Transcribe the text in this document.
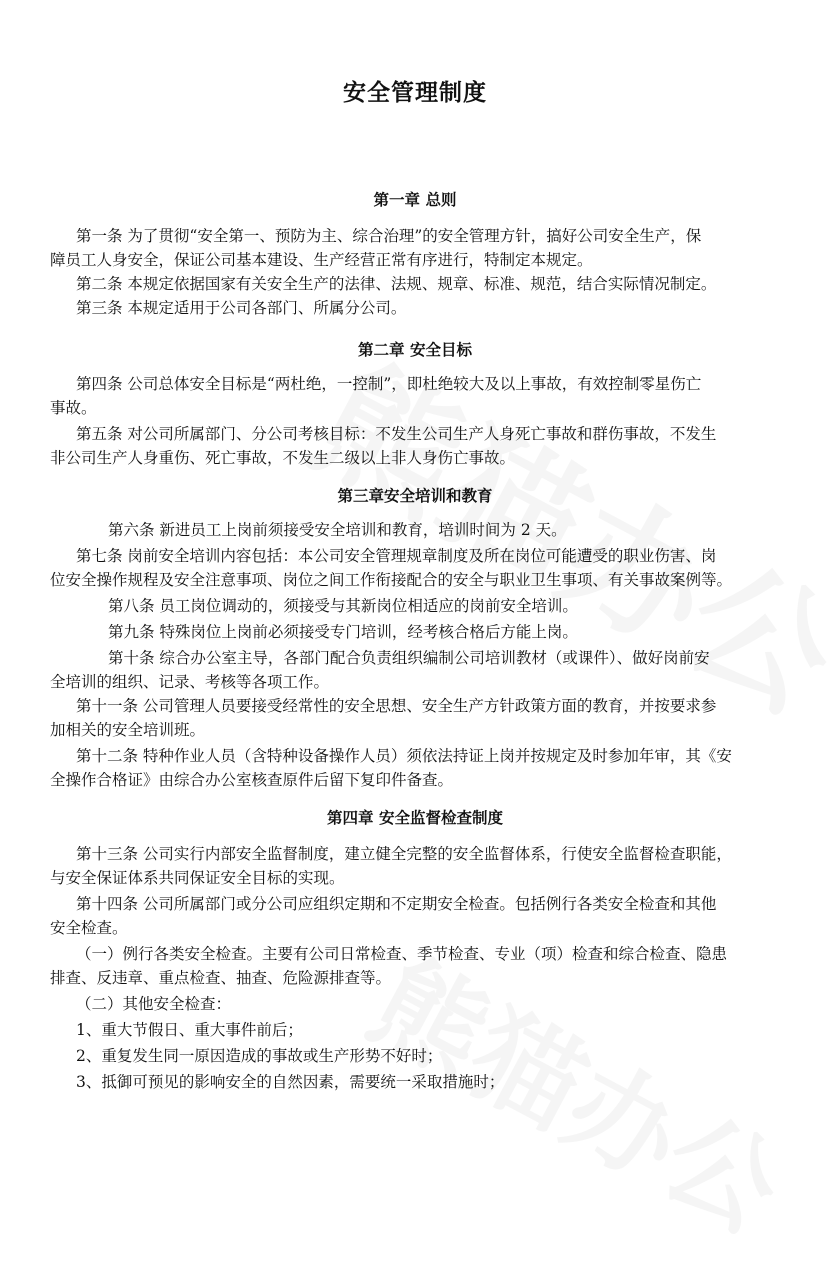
安全管理制度
第一章 总则
第一条 为了贯彻“安全第一、预防为主、综合治理”的安全管理方针，搞好公司安全生产，保
障员工人身安全，保证公司基本建设、生产经营正常有序进行，特制定本规定。
第二条 本规定依据国家有关安全生产的法律、法规、规章、标准、规范，结合实际情况制定。
第三条 本规定适用于公司各部门、所属分公司。
第二章 安全目标
第四条 公司总体安全目标是“两杜绝，一控制”，即杜绝较大及以上事故，有效控制零星伤亡
事故。
第五条 对公司所属部门、分公司考核目标：不发生公司生产人身死亡事故和群伤事故，不发生
非公司生产人身重伤、死亡事故，不发生二级以上非人身伤亡事故。
第三章安全培训和教育
第六条 新进员工上岗前须接受安全培训和教育，培训时间为 2 天。
第七条 岗前安全培训内容包括：本公司安全管理规章制度及所在岗位可能遭受的职业伤害、岗
位安全操作规程及安全注意事项、岗位之间工作衔接配合的安全与职业卫生事项、有关事故案例等。
第八条 员工岗位调动的，须接受与其新岗位相适应的岗前安全培训。
第九条 特殊岗位上岗前必须接受专门培训，经考核合格后方能上岗。
第十条 综合办公室主导，各部门配合负责组织编制公司培训教材（或课件）、做好岗前安
全培训的组织、记录、考核等各项工作。
第十一条 公司管理人员要接受经常性的安全思想、安全生产方针政策方面的教育，并按要求参
加相关的安全培训班。
第十二条 特种作业人员（含特种设备操作人员）须依法持证上岗并按规定及时参加年审，其《安
全操作合格证》由综合办公室核查原件后留下复印件备查。
第四章 安全监督检查制度
第十三条 公司实行内部安全监督制度，建立健全完整的安全监督体系，行使安全监督检查职能，
与安全保证体系共同保证安全目标的实现。
第十四条 公司所属部门或分公司应组织定期和不定期安全检查。包括例行各类安全检查和其他
安全检查。
（一）例行各类安全检查。主要有公司日常检查、季节检查、专业（项）检查和综合检查、隐患
排查、反违章、重点检查、抽查、危险源排查等。
（二）其他安全检查：
1、重大节假日、重大事件前后；
2、重复发生同一原因造成的事故或生产形势不好时；
3、抵御可预见的影响安全的自然因素，需要统一采取措施时；
